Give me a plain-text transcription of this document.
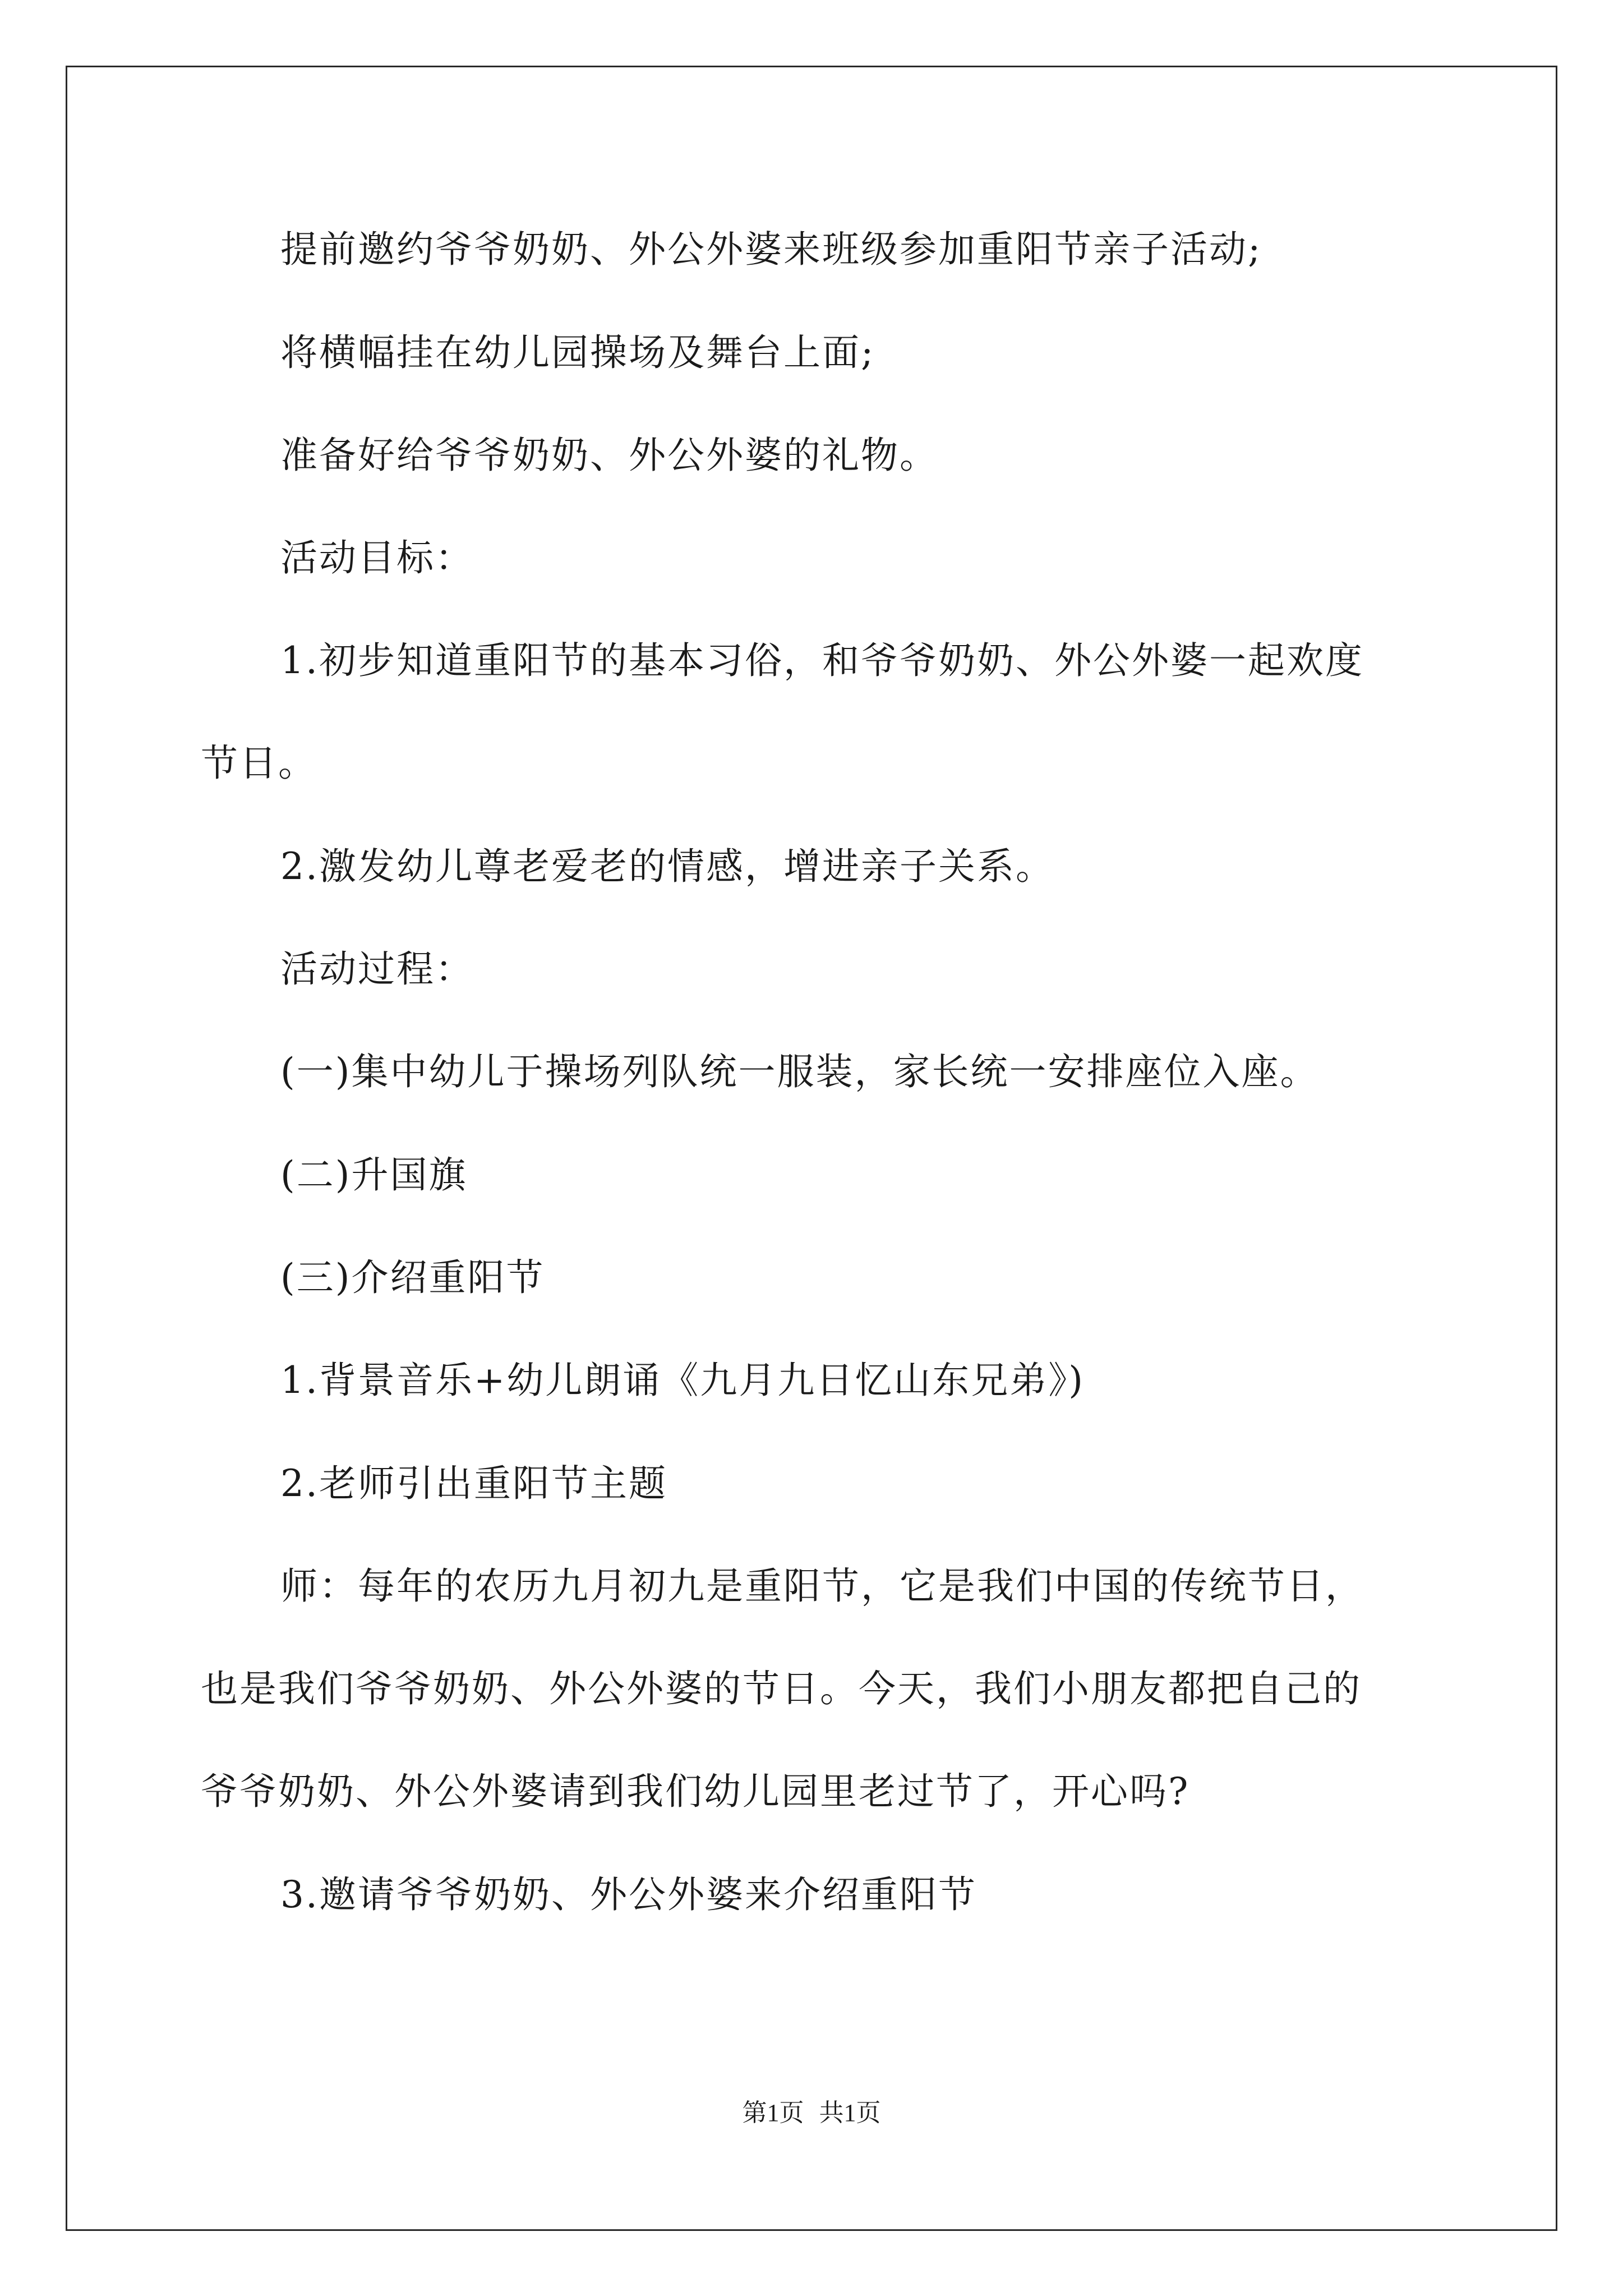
提前邀约爷爷奶奶、外公外婆来班级参加重阳节亲子活动;
将横幅挂在幼儿园操场及舞台上面;
准备好给爷爷奶奶、外公外婆的礼物。
活动目标：
1.初步知道重阳节的基本习俗，和爷爷奶奶、外公外婆一起欢度
节日。
2.激发幼儿尊老爱老的情感，增进亲子关系。
活动过程：
(一)集中幼儿于操场列队统一服装，家长统一安排座位入座。
(二)升国旗
(三)介绍重阳节
1.背景音乐+幼儿朗诵《九月九日忆山东兄弟》)
2.老师引出重阳节主题
师：每年的农历九月初九是重阳节，它是我们中国的传统节日，
也是我们爷爷奶奶、外公外婆的节日。今天，我们小朋友都把自己的
爷爷奶奶、外公外婆请到我们幼儿园里老过节了，开心吗?
3.邀请爷爷奶奶、外公外婆来介绍重阳节
第1页 共1页
